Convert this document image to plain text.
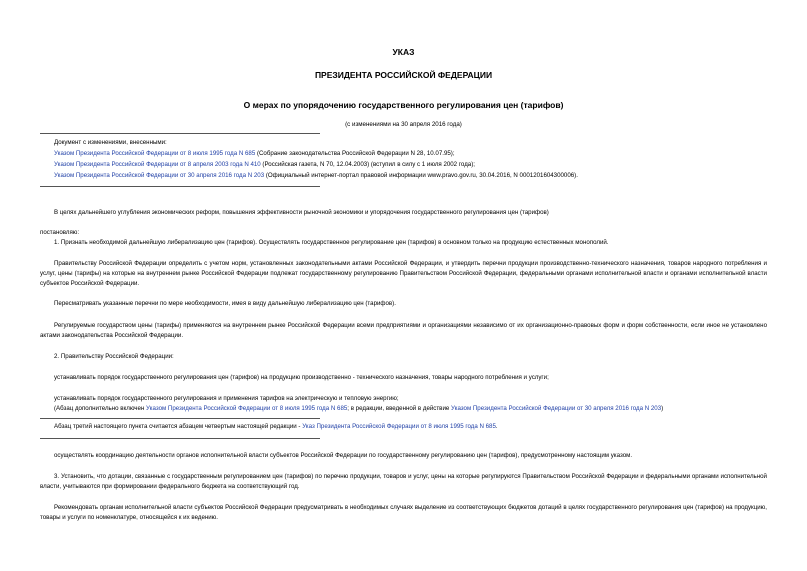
УКАЗ
ПРЕЗИДЕНТА РОССИЙСКОЙ ФЕДЕРАЦИИ
О мерах по упорядочению государственного регулирования цен (тарифов)
(с изменениями на 30 апреля 2016 года)
Документ с изменениями, внесенными:
Указом Президента Российской Федерации от 8 июля 1995 года N 685 (Собрание законодательства Российской Федерации N 28, 10.07.95);
Указом Президента Российской Федерации от 8 апреля 2003 года N 410 (Российская газета, N 70, 12.04.2003) (вступил в силу с 1 июля 2002 года);
Указом Президента Российской Федерации от 30 апреля 2016 года N 203 (Официальный интернет-портал правовой информации www.pravo.gov.ru, 30.04.2016, N 0001201604300006).
В целях дальнейшего углубления экономических реформ, повышения эффективности рыночной экономики и упорядочения государственного регулирования цен (тарифов)
постановляю:
1. Признать необходимой дальнейшую либерализацию цен (тарифов). Осуществлять государственное регулирование цен (тарифов) в основном только на продукцию естественных монополий.
Правительству Российской Федерации определить с учетом норм, установленных законодательными актами Российской Федерации, и утвердить перечни продукции производственно-технического назначения, товаров народного потребления и услуг, цены (тарифы) на которые на внутреннем рынке Российской Федерации подлежат государственному регулированию Правительством Российской Федерации, федеральными органами исполнительной власти и органами исполнительной власти субъектов Российской Федерации.
Пересматривать указанные перечни по мере необходимости, имея в виду дальнейшую либерализацию цен (тарифов).
Регулируемые государством цены (тарифы) применяются на внутреннем рынке Российской Федерации всеми предприятиями и организациями независимо от их организационно-правовых форм и форм собственности, если иное не установлено актами законодательства Российской Федерации.
2. Правительству Российской Федерации:
устанавливать порядок государственного регулирования цен (тарифов) на продукцию производственно - технического назначения, товары народного потребления и услуги;
устанавливать порядок государственного регулирования и применения тарифов на электрическую и тепловую энергию;
(Абзац дополнительно включен Указом Президента Российской Федерации от 8 июля 1995 года N 685; в редакции, введенной в действие Указом Президента Российской Федерации от 30 апреля 2016 года N 203)
Абзац третий настоящего пункта считается абзацем четвертым настоящей редакции - Указ Президента Российской Федерации от 8 июля 1995 года N 685.
осуществлять координацию деятельности органов исполнительной власти субъектов Российской Федерации по государственному регулированию цен (тарифов), предусмотренному настоящим указом.
3. Установить, что дотации, связанные с государственным регулированием цен (тарифов) по перечню продукции, товаров и услуг, цены на которые регулируются Правительством Российской Федерации и федеральными органами исполнительной власти, учитываются при формировании федерального бюджета на соответствующий год.
Рекомендовать органам исполнительной власти субъектов Российской Федерации предусматривать в необходимых случаях выделение из соответствующих бюджетов дотаций в целях государственного регулирования цен (тарифов) на продукцию, товары и услуги по номенклатуре, относящейся к их ведению.
